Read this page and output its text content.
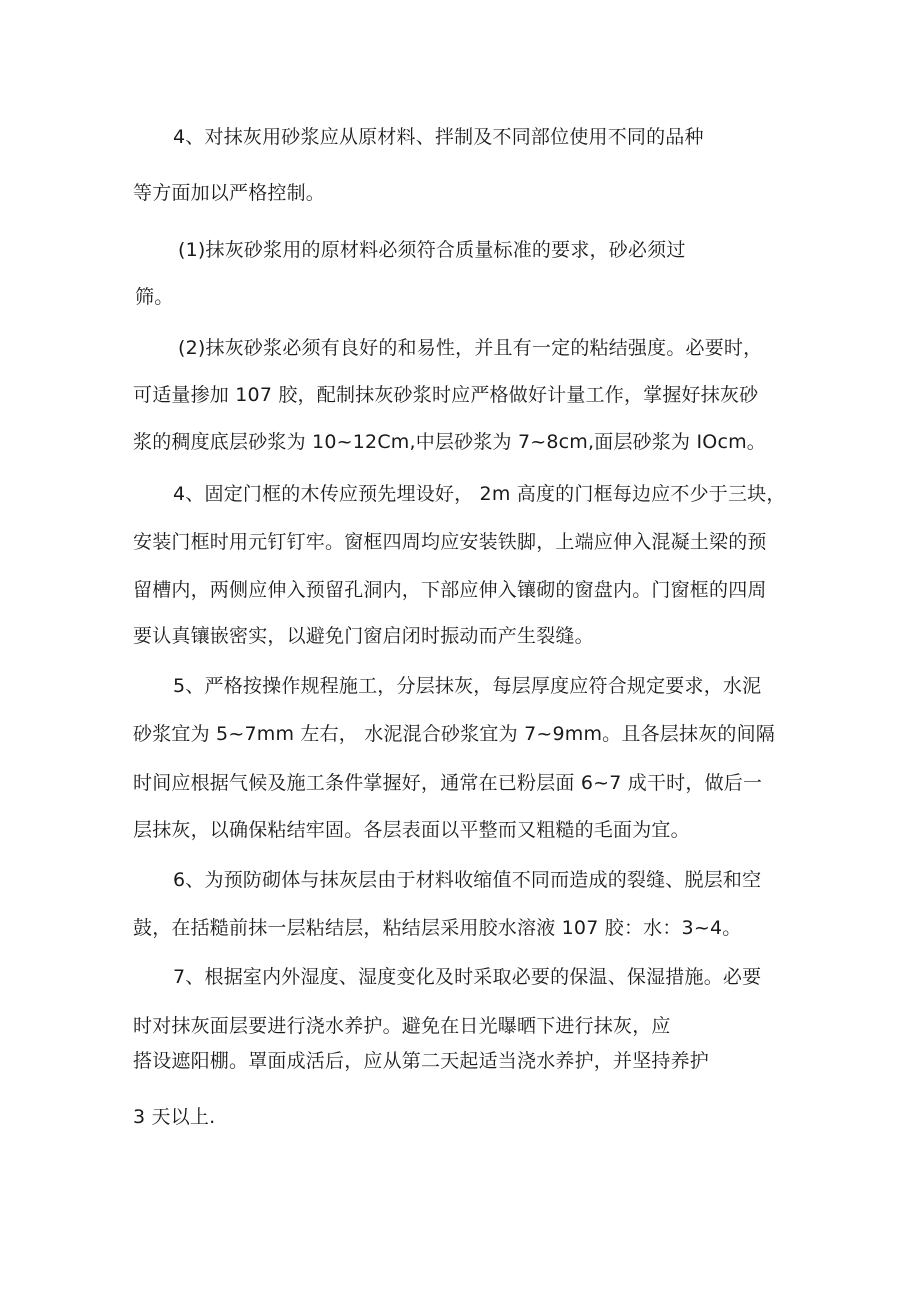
4、对抹灰用砂浆应从原材料、拌制及不同部位使用不同的品种
等方面加以严格控制。
(1)抹灰砂浆用的原材料必须符合质量标准的要求，砂必须过
筛。
(2)抹灰砂浆必须有良好的和易性，并且有一定的粘结强度。必要时，
可适量掺加 107 胶，配制抹灰砂浆时应严格做好计量工作，掌握好抹灰砂
浆的稠度底层砂浆为 10~12Cm,中层砂浆为 7~8cm,面层砂浆为 IOcm。
4、固定门框的木传应预先埋设好， 2m 高度的门框每边应不少于三块，
安装门框时用元钉钉牢。窗框四周均应安装铁脚，上端应伸入混凝土梁的预
留槽内，两侧应伸入预留孔洞内，下部应伸入镶砌的窗盘内。门窗框的四周
要认真镶嵌密实，以避免门窗启闭时振动而产生裂缝。
5、严格按操作规程施工，分层抹灰，每层厚度应符合规定要求，水泥
砂浆宜为 5~7mm 左右， 水泥混合砂浆宜为 7~9mm。且各层抹灰的间隔
时间应根据气候及施工条件掌握好，通常在已粉层面 6~7 成干时，做后一
层抹灰，以确保粘结牢固。各层表面以平整而又粗糙的毛面为宜。
6、为预防砌体与抹灰层由于材料收缩值不同而造成的裂缝、脱层和空
鼓，在括糙前抹一层粘结层，粘结层采用胶水溶液 107 胶：水：3~4。
7、根据室内外湿度、湿度变化及时采取必要的保温、保湿措施。必要
时对抹灰面层要进行浇水养护。避免在日光曝晒下进行抹灰，应
搭设遮阳棚。罩面成活后，应从第二天起适当浇水养护，并坚持养护
3 天以上.
